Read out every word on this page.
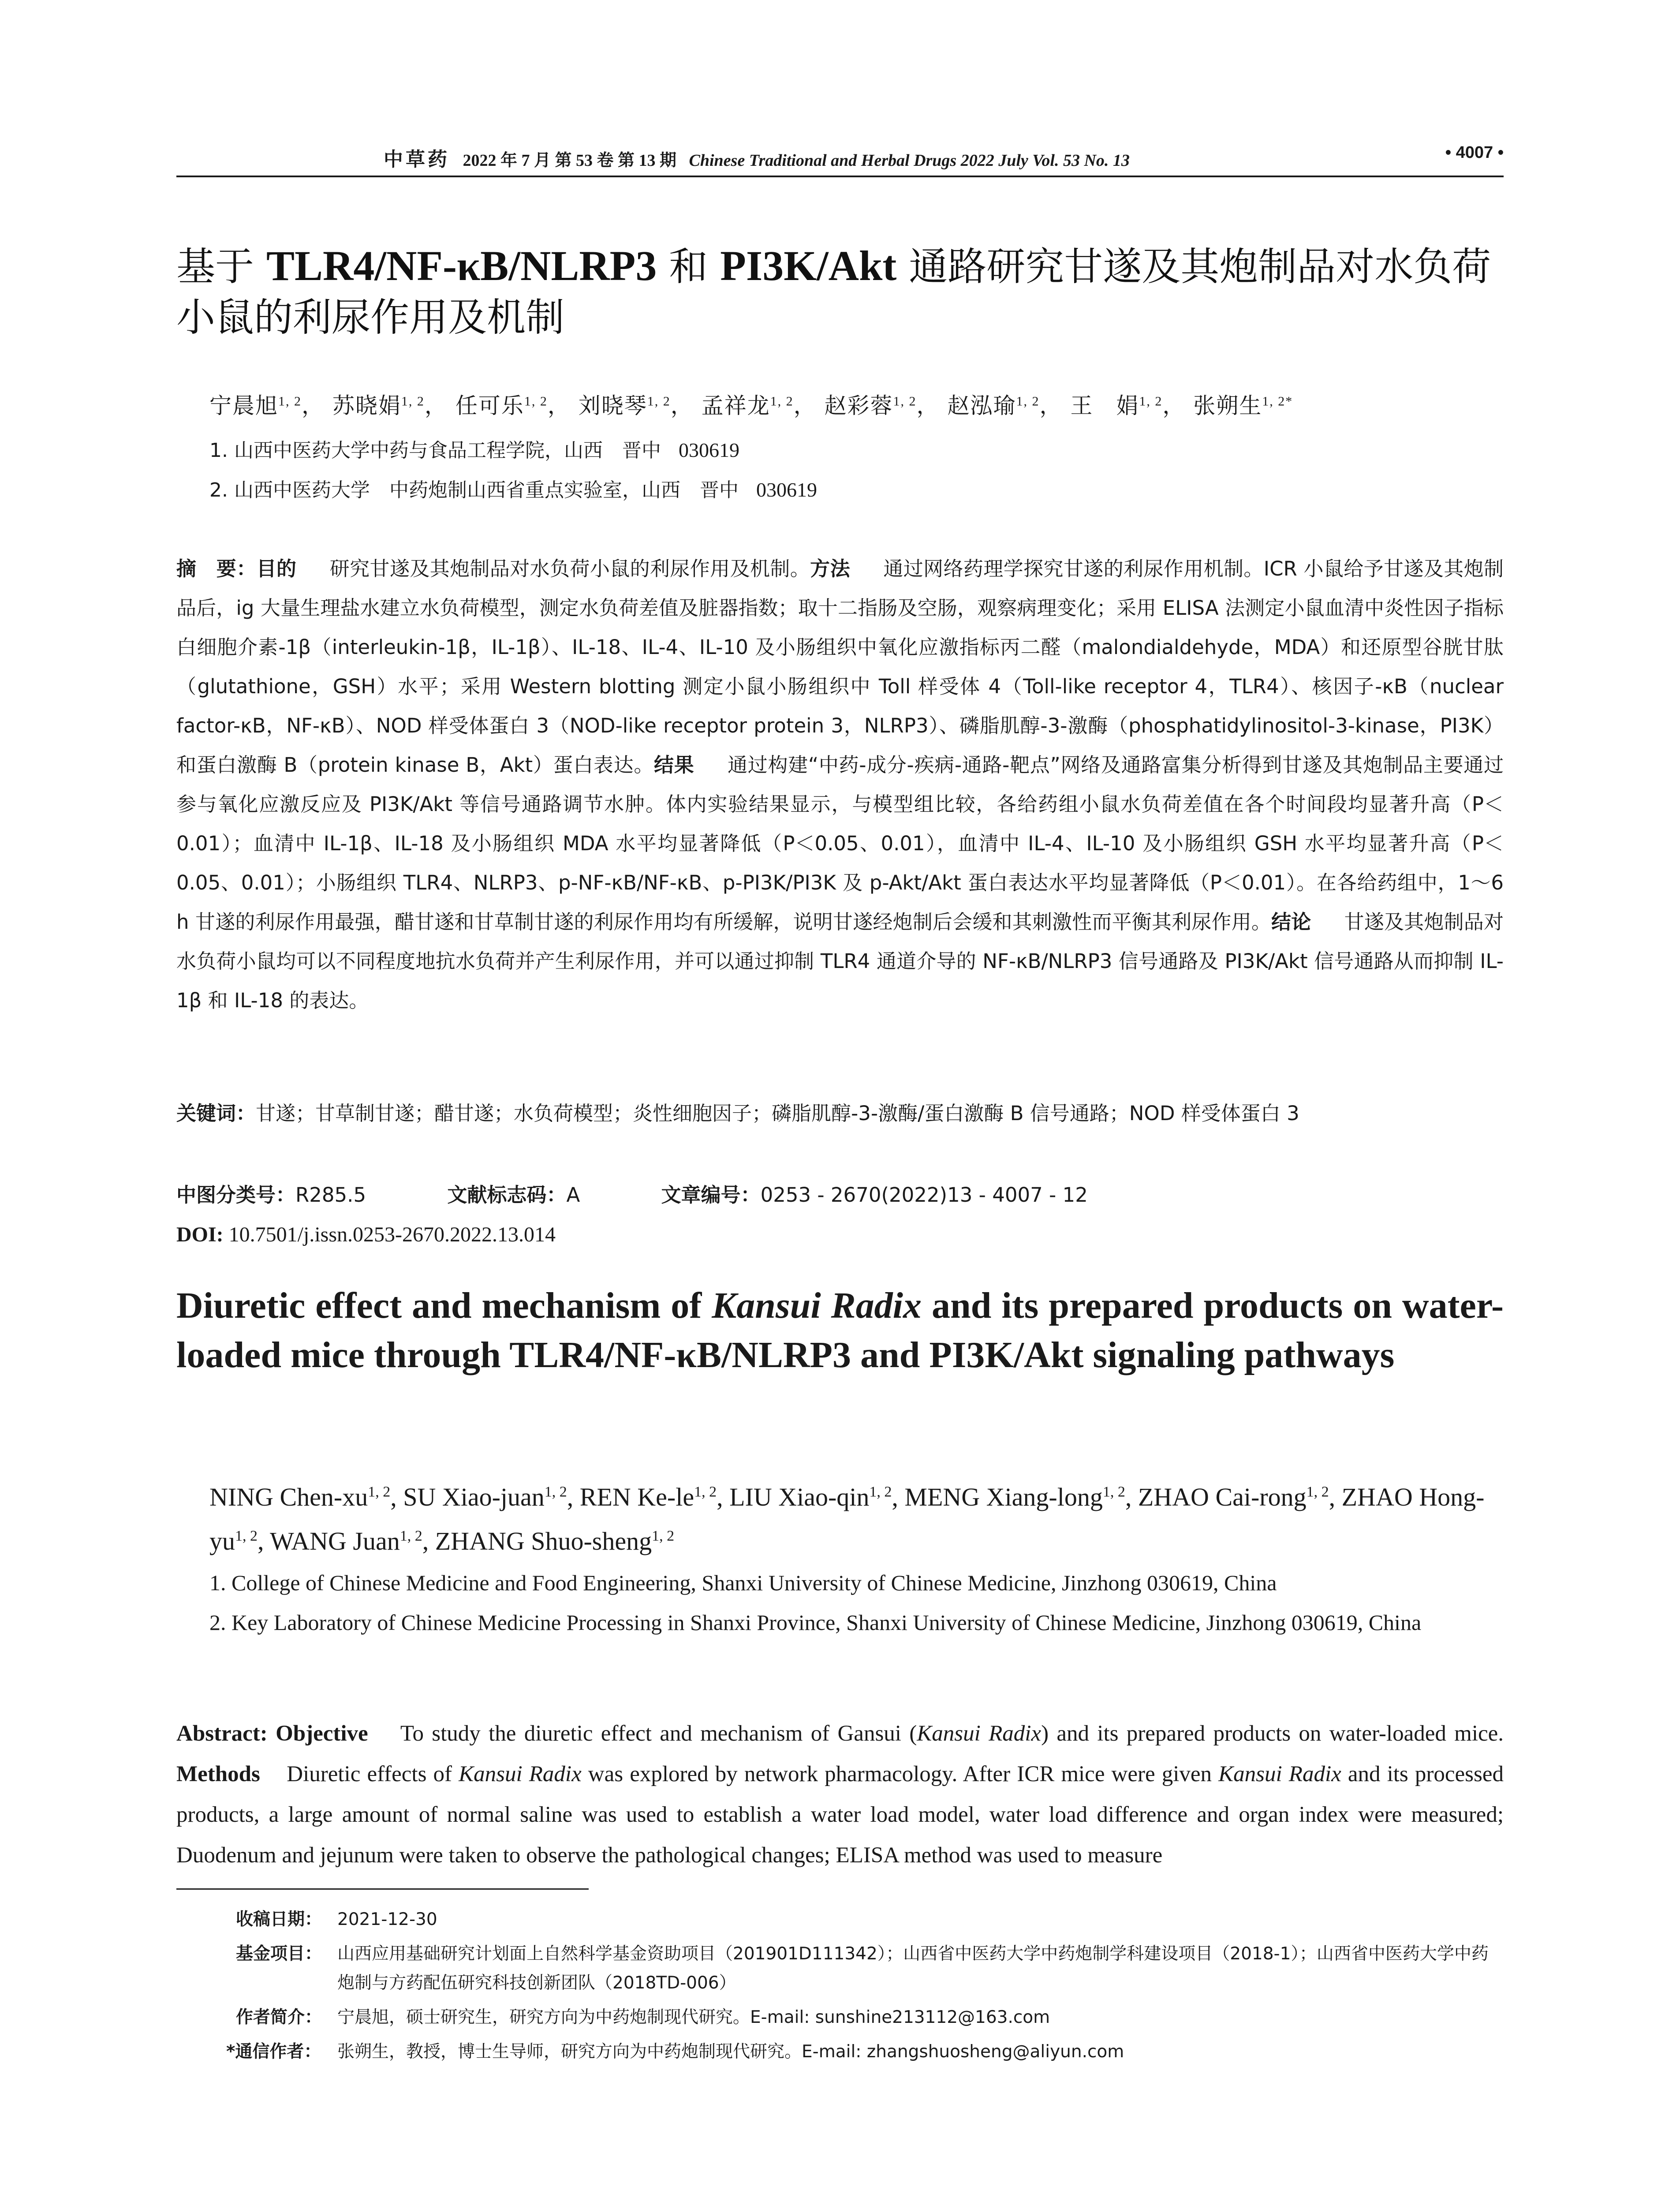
中草药 2022 年 7 月 第 53 卷 第 13 期 Chinese Traditional and Herbal Drugs 2022 July Vol. 53 No. 13	• 4007 •
基于 TLR4/NF-κB/NLRP3 和 PI3K/Akt 通路研究甘遂及其炮制品对水负荷小鼠的利尿作用及机制
宁晨旭$^{1, 2}$， 苏晓娟$^{1, 2}$， 任可乐$^{1, 2}$， 刘晓琴$^{1, 2}$， 孟祥龙$^{1, 2}$， 赵彩蓉$^{1, 2}$， 赵泓瑜$^{1, 2}$， 王　娟$^{1, 2}$， 张朔生$^{1, 2*}$
1. 山西中医药大学中药与食品工程学院，山西　晋中 030619
2. 山西中医药大学　中药炮制山西省重点实验室，山西　晋中 030619
摘　要：目的 研究甘遂及其炮制品对水负荷小鼠的利尿作用及机制。方法 通过网络药理学探究甘遂的利尿作用机制。ICR 小鼠给予甘遂及其炮制品后，ig 大量生理盐水建立水负荷模型，测定水负荷差值及脏器指数；取十二指肠及空肠，观察病理变化；采用 ELISA 法测定小鼠血清中炎性因子指标白细胞介素-1β（interleukin-1β，IL-1β）、IL-18、IL-4、IL-10 及小肠组织中氧化应激指标丙二醛（malondialdehyde，MDA）和还原型谷胱甘肽（glutathione，GSH）水平；采用 Western blotting 测定小鼠小肠组织中 Toll 样受体 4（Toll-like receptor 4，TLR4）、核因子-κB（nuclear factor-κB，NF-κB）、NOD 样受体蛋白 3（NOD-like receptor protein 3，NLRP3）、磷脂肌醇-3-激酶（phosphatidylinositol-3-kinase，PI3K）和蛋白激酶 B（protein kinase B，Akt）蛋白表达。结果 通过构建“中药-成分-疾病-通路-靶点”网络及通路富集分析得到甘遂及其炮制品主要通过参与氧化应激反应及 PI3K/Akt 等信号通路调节水肿。体内实验结果显示，与模型组比较，各给药组小鼠水负荷差值在各个时间段均显著升高（P＜0.01）；血清中 IL-1β、IL-18 及小肠组织 MDA 水平均显著降低（P＜0.05、0.01），血清中 IL-4、IL-10 及小肠组织 GSH 水平均显著升高（P＜0.05、0.01）；小肠组织 TLR4、NLRP3、p-NF-κB/NF-κB、p-PI3K/PI3K 及 p-Akt/Akt 蛋白表达水平均显著降低（P＜0.01）。在各给药组中，1～6 h 甘遂的利尿作用最强，醋甘遂和甘草制甘遂的利尿作用均有所缓解，说明甘遂经炮制后会缓和其刺激性而平衡其利尿作用。结论 甘遂及其炮制品对水负荷小鼠均可以不同程度地抗水负荷并产生利尿作用，并可以通过抑制 TLR4 通道介导的 NF-κB/NLRP3 信号通路及 PI3K/Akt 信号通路从而抑制 IL-1β 和 IL-18 的表达。
关键词：甘遂；甘草制甘遂；醋甘遂；水负荷模型；炎性细胞因子；磷脂肌醇-3-激酶/蛋白激酶 B 信号通路；NOD 样受体蛋白 3
中图分类号：R285.5	文献标志码：A	文章编号：0253 - 2670(2022)13 - 4007 - 12
DOI: 10.7501/j.issn.0253-2670.2022.13.014
Diuretic effect and mechanism of Kansui Radix and its prepared products on water-loaded mice through TLR4/NF-κB/NLRP3 and PI3K/Akt signaling pathways
NING Chen-xu$^{1, 2}$, SU Xiao-juan$^{1, 2}$, REN Ke-le$^{1, 2}$, LIU Xiao-qin$^{1, 2}$, MENG Xiang-long$^{1, 2}$, ZHAO Cai-rong$^{1, 2}$, ZHAO Hong-yu$^{1, 2}$, WANG Juan$^{1, 2}$, ZHANG Shuo-sheng$^{1, 2}$
1. College of Chinese Medicine and Food Engineering, Shanxi University of Chinese Medicine, Jinzhong 030619, China
2. Key Laboratory of Chinese Medicine Processing in Shanxi Province, Shanxi University of Chinese Medicine, Jinzhong 030619, China
Abstract: Objective To study the diuretic effect and mechanism of Gansui (Kansui Radix) and its prepared products on water-loaded mice. Methods Diuretic effects of Kansui Radix was explored by network pharmacology. After ICR mice were given Kansui Radix and its processed products, a large amount of normal saline was used to establish a water load model, water load difference and organ index were measured; Duodenum and jejunum were taken to observe the pathological changes; ELISA method was used to measure
收稿日期： 2021-12-30
基金项目： 山西应用基础研究计划面上自然科学基金资助项目（201901D111342）；山西省中医药大学中药炮制学科建设项目（2018-1）；山西省中医药大学中药炮制与方药配伍研究科技创新团队（2018TD-006）
作者简介： 宁晨旭，硕士研究生，研究方向为中药炮制现代研究。E-mail: sunshine213112@163.com
*通信作者： 张朔生，教授，博士生导师，研究方向为中药炮制现代研究。E-mail: zhangshuosheng@aliyun.com
